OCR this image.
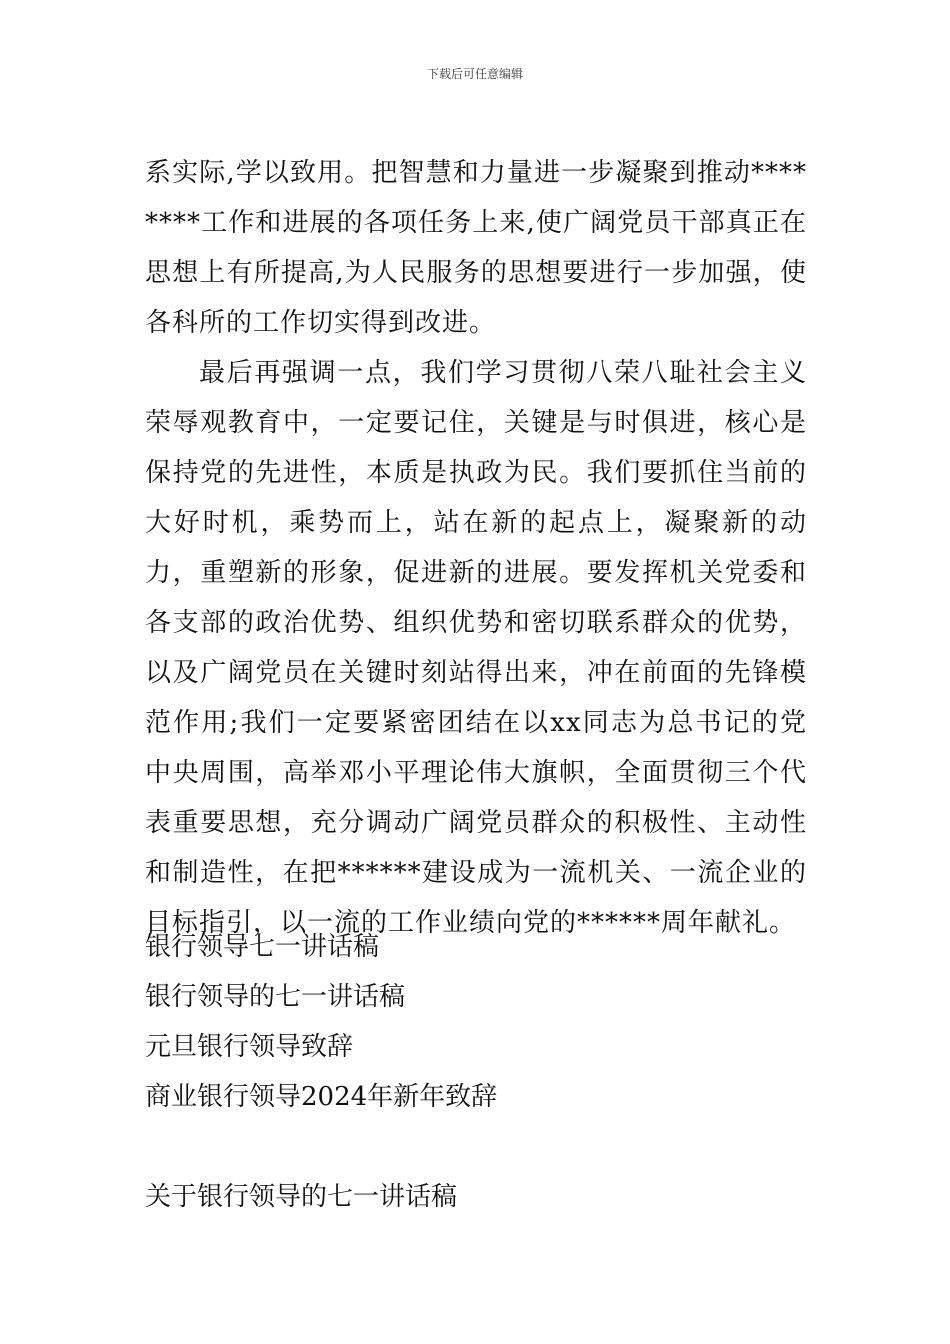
下载后可任意编辑

系实际,学以致用。把智慧和力量进一步凝聚到推动********工作和进展的各项任务上来,使广阔党员干部真正在思想上有所提高,为人民服务的思想要进行一步加强，使各科所的工作切实得到改进。

最后再强调一点，我们学习贯彻八荣八耻社会主义荣辱观教育中，一定要记住，关键是与时俱进，核心是保持党的先进性，本质是执政为民。我们要抓住当前的大好时机，乘势而上，站在新的起点上，凝聚新的动力，重塑新的形象，促进新的进展。要发挥机关党委和各支部的政治优势、组织优势和密切联系群众的优势，以及广阔党员在关键时刻站得出来，冲在前面的先锋模范作用;我们一定要紧密团结在以xx同志为总书记的党中央周围，高举邓小平理论伟大旗帜，全面贯彻三个代表重要思想，充分调动广阔党员群众的积极性、主动性和制造性，在把******建设成为一流机关、一流企业的目标指引，以一流的工作业绩向党的******周年献礼。

银行领导七一讲话稿
银行领导的七一讲话稿
元旦银行领导致辞
商业银行领导2024年新年致辞
关于银行领导的七一讲话稿
